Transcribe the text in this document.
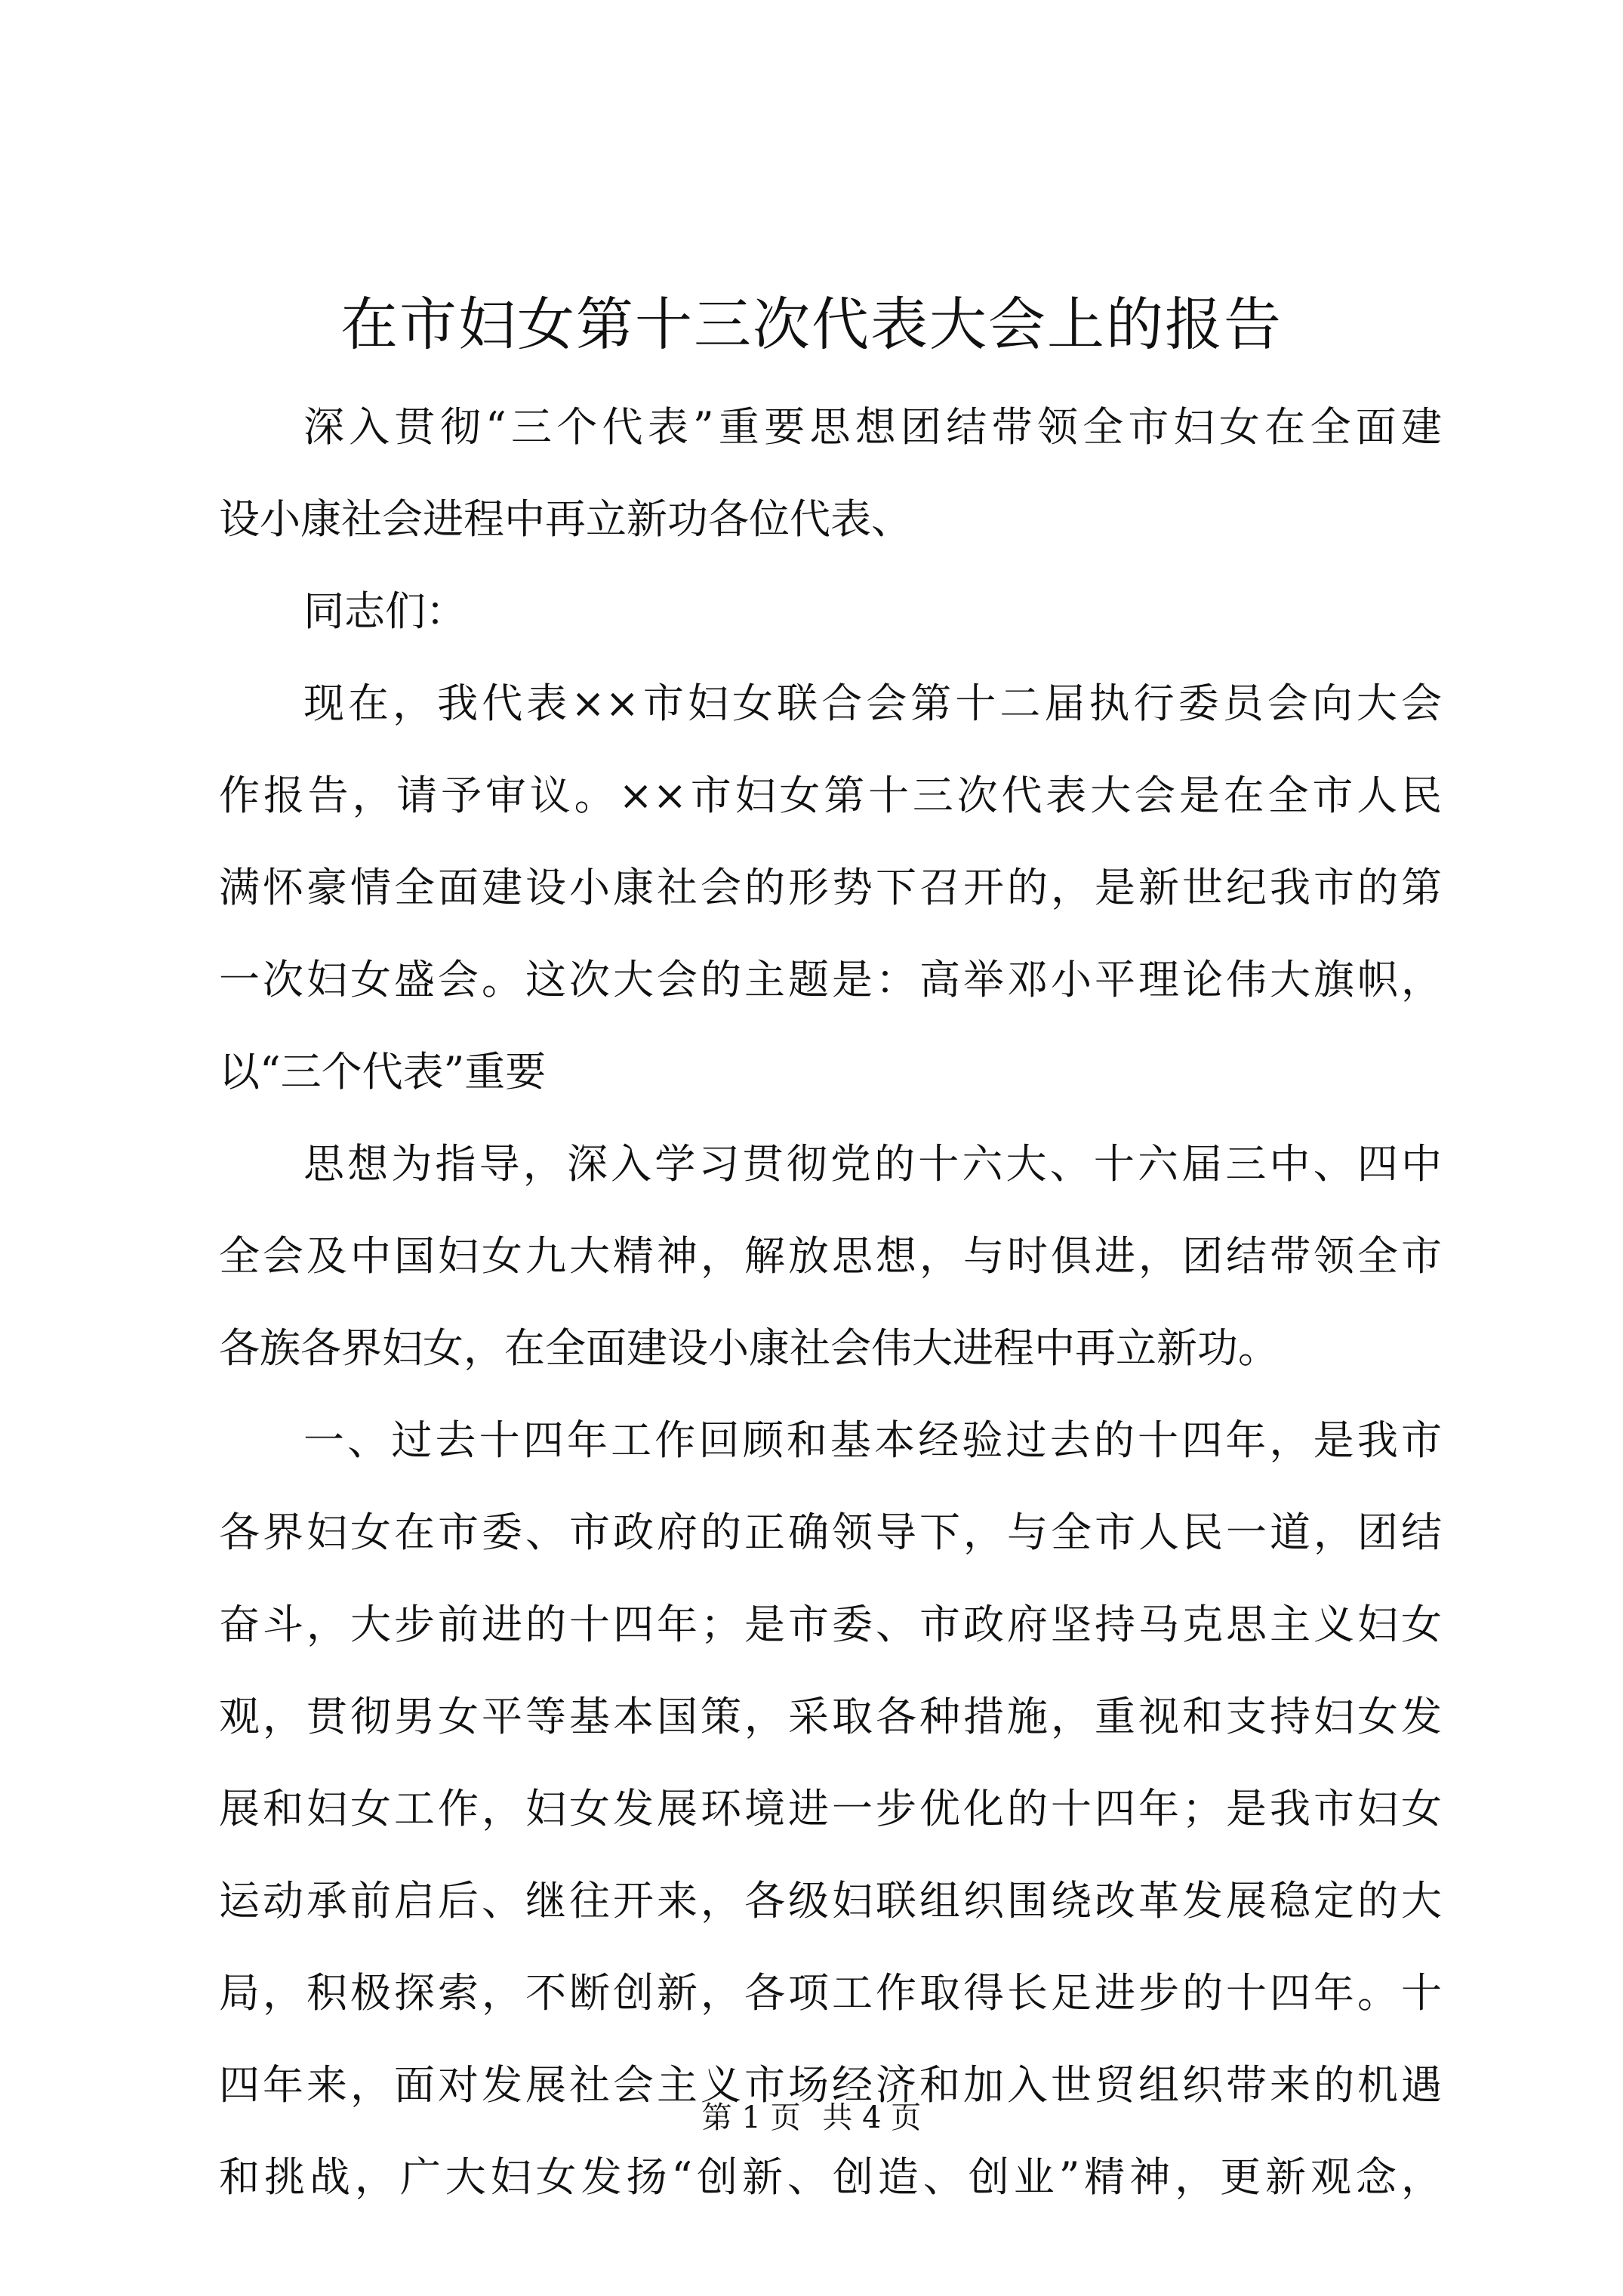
在市妇女第十三次代表大会上的报告

深入贯彻“三个代表”重要思想团结带领全市妇女在全面建
设小康社会进程中再立新功各位代表、

同志们：

现在，我代表××市妇女联合会第十二届执行委员会向大会
作报告，请予审议。××市妇女第十三次代表大会是在全市人民
满怀豪情全面建设小康社会的形势下召开的，是新世纪我市的第
一次妇女盛会。这次大会的主题是：高举邓小平理论伟大旗帜，
以“三个代表”重要

思想为指导，深入学习贯彻党的十六大、十六届三中、四中
全会及中国妇女九大精神，解放思想，与时俱进，团结带领全市
各族各界妇女，在全面建设小康社会伟大进程中再立新功。

一、过去十四年工作回顾和基本经验过去的十四年，是我市
各界妇女在市委、市政府的正确领导下，与全市人民一道，团结
奋斗，大步前进的十四年；是市委、市政府坚持马克思主义妇女
观，贯彻男女平等基本国策，采取各种措施，重视和支持妇女发
展和妇女工作，妇女发展环境进一步优化的十四年；是我市妇女
运动承前启后、继往开来，各级妇联组织围绕改革发展稳定的大
局，积极探索，不断创新，各项工作取得长足进步的十四年。十
四年来，面对发展社会主义市场经济和加入世贸组织带来的机遇
和挑战，广大妇女发扬“创新、创造、创业”精神，更新观念，

第 1 页 共 4 页
